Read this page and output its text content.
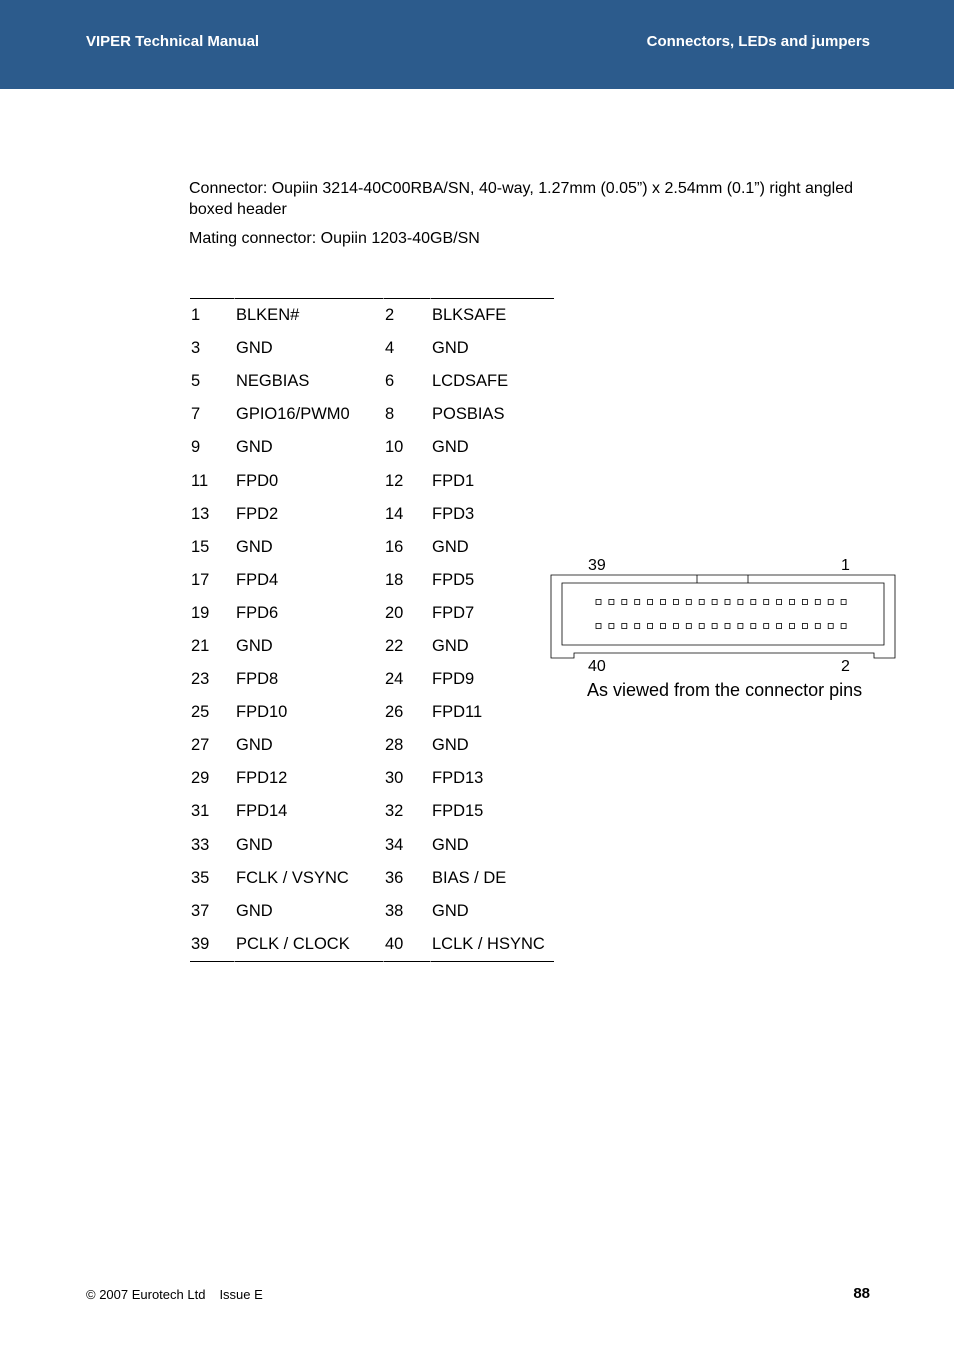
VIPER Technical Manual	Connectors, LEDs and jumpers
Connector: Oupiin 3214-40C00RBA/SN, 40-way, 1.27mm (0.05”) x 2.54mm (0.1”) right angled boxed header
Mating connector: Oupiin 1203-40GB/SN
1	BLKEN#	2	BLKSAFE
3	GND	4	GND
5	NEGBIAS	6	LCDSAFE
7	GPIO16/PWM0	8	POSBIAS
9	GND	10	GND
11	FPD0	12	FPD1
13	FPD2	14	FPD3
15	GND	16	GND
17	FPD4	18	FPD5
19	FPD6	20	FPD7
21	GND	22	GND
23	FPD8	24	FPD9
25	FPD10	26	FPD11
27	GND	28	GND
29	FPD12	30	FPD13
31	FPD14	32	FPD15
33	GND	34	GND
35	FCLK / VSYNC	36	BIAS / DE
37	GND	38	GND
39	PCLK / CLOCK	40	LCLK / HSYNC
39	1
40	2
As viewed from the connector pins
© 2007 Eurotech Ltd Issue E	88
